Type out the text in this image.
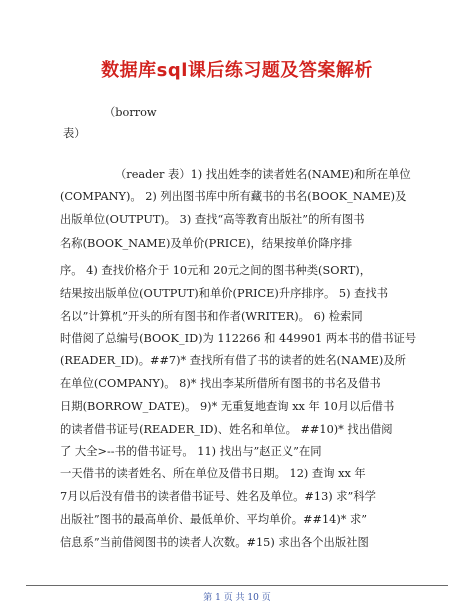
数据库sql课后练习题及答案解析
（borrow
表）
（reader 表）1) 找出姓李的读者姓名(NAME)和所在单位
(COMPANY)。 2) 列出图书库中所有藏书的书名(BOOK_NAME)及
出版单位(OUTPUT)。 3) 查找“高等教育出版社”的所有图书
名称(BOOK_NAME)及单价(PRICE)，结果按单价降序排
序。 4) 查找价格介于 10元和 20元之间的图书种类(SORT)，
结果按出版单位(OUTPUT)和单价(PRICE)升序排序。 5) 查找书
名以”计算机”开头的所有图书和作者(WRITER)。 6) 检索同
时借阅了总编号(BOOK_ID)为 112266 和 449901 两本书的借书证号
(READER_ID)。##7)* 查找所有借了书的读者的姓名(NAME)及所
在单位(COMPANY)。 8)* 找出李某所借所有图书的书名及借书
日期(BORROW_DATE)。 9)* 无重复地查询 xx 年 10月以后借书
的读者借书证号(READER_ID)、姓名和单位。 ##10)* 找出借阅
了 大全>--书的借书证号。 11) 找出与”赵正义”在同
一天借书的读者姓名、所在单位及借书日期。 12) 查询 xx 年
7月以后没有借书的读者借书证号、姓名及单位。#13) 求”科学
出版社”图书的最高单价、最低单价、平均单价。##14)* 求”
信息系”当前借阅图书的读者人次数。#15) 求出各个出版社图
第 1 页 共 10 页
